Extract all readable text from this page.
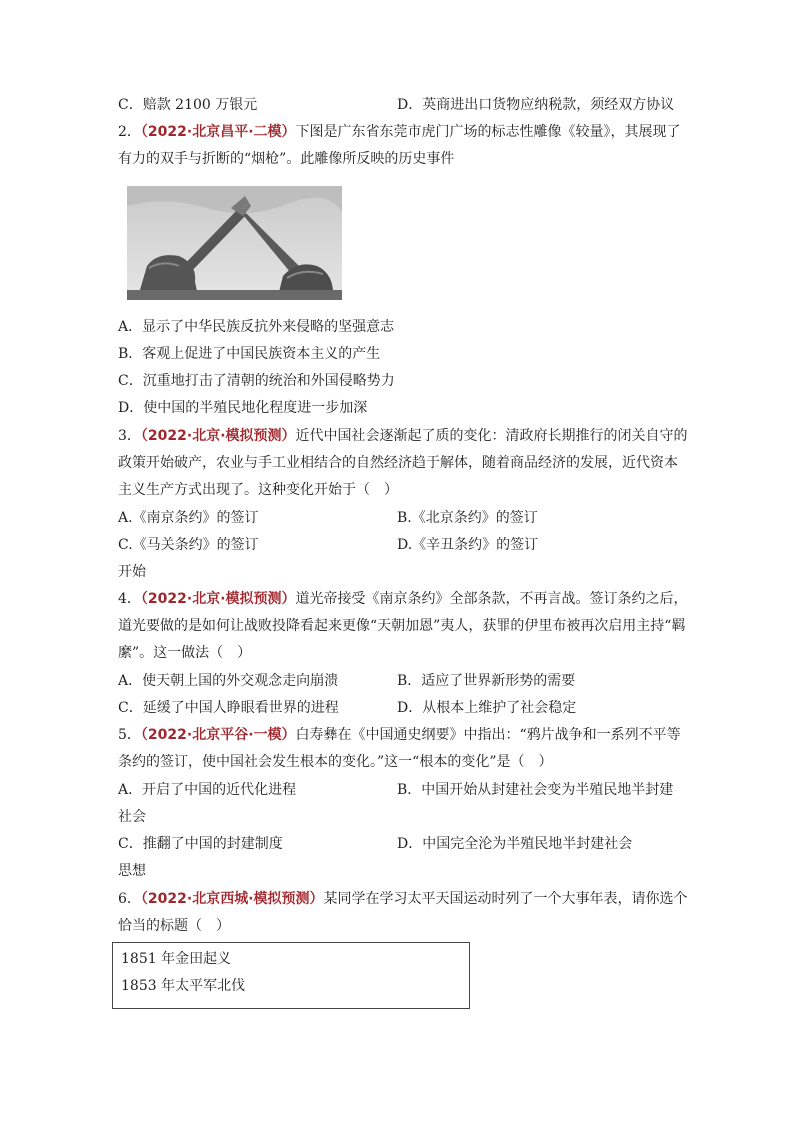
C．赔款 2100 万银元	D．英商进出口货物应纳税款，须经双方协议
2．（2022·北京昌平·二模）下图是广东省东莞市虎门广场的标志性雕像《较量》，其展现了
有力的双手与折断的“烟枪”。此雕像所反映的历史事件
A．显示了中华民族反抗外来侵略的坚强意志
B．客观上促进了中国民族资本主义的产生
C．沉重地打击了清朝的统治和外国侵略势力
D．使中国的半殖民地化程度进一步加深
3．（2022·北京·模拟预测）近代中国社会逐渐起了质的变化：清政府长期推行的闭关自守的
政策开始破产，农业与手工业相结合的自然经济趋于解体，随着商品经济的发展，近代资本
主义生产方式出现了。这种变化开始于（　）
A.《南京条约》的签订	B.《北京条约》的签订
C.《马关条约》的签订	D.《辛丑条约》的签订
开始
4．（2022·北京·模拟预测）道光帝接受《南京条约》全部条款，不再言战。签订条约之后，
道光要做的是如何让战败投降看起来更像“天朝加恩”夷人，获罪的伊里布被再次启用主持“羁
縻”。这一做法（　）
A．使天朝上国的外交观念走向崩溃	B．适应了世界新形势的需要
C．延缓了中国人睁眼看世界的进程	D．从根本上维护了社会稳定
5．（2022·北京平谷·一模）白寿彝在《中国通史纲要》中指出：“鸦片战争和一系列不平等
条约的签订，使中国社会发生根本的变化。”这一“根本的变化”是（　）
A．开启了中国的近代化进程	B．中国开始从封建社会变为半殖民地半封建
社会
C．推翻了中国的封建制度	D．中国完全沦为半殖民地半封建社会
思想
6．（2022·北京西城·模拟预测）某同学在学习太平天国运动时列了一个大事年表，请你选个
恰当的标题（　）
1851 年金田起义
1853 年太平军北伐
